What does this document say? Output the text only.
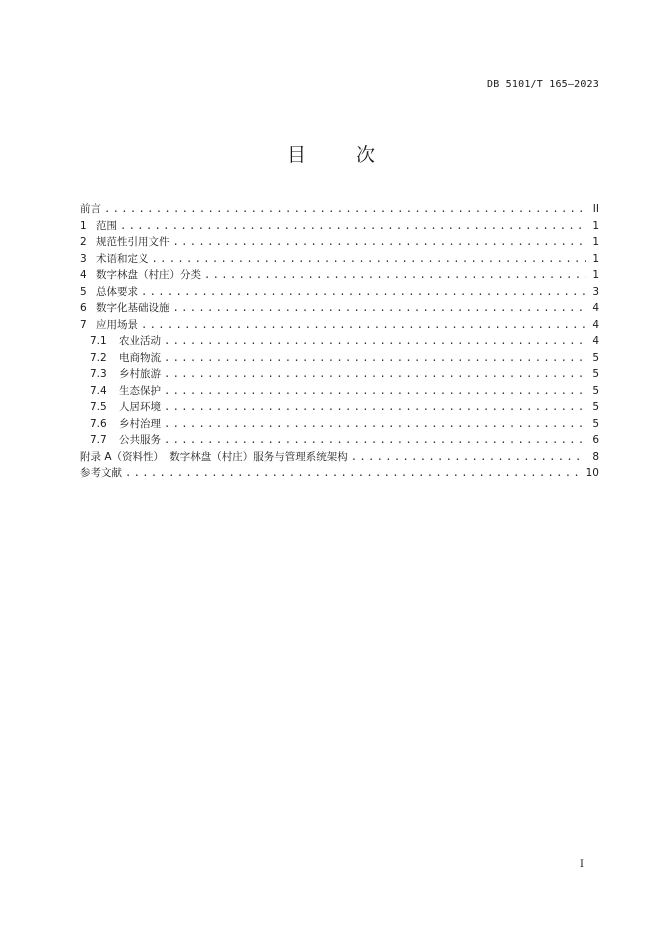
DB 5101/T 165—2023
目 次
前言 .....	II
1 范围 .....	1
2 规范性引用文件 .....	1
3 术语和定义 .....	1
4 数字林盘（村庄）分类 .....	1
5 总体要求 .....	3
6 数字化基础设施 .....	4
7 应用场景 .....	4
7.1	农业活动 .....	4
7.2	电商物流 .....	5
7.3	乡村旅游 .....	5
7.4	生态保护 .....	5
7.5	人居环境 .....	5
7.6	乡村治理 .....	5
7.7	公共服务 .....	6
附录 A（资料性）　数字林盘（村庄）服务与管理系统架构 .....	8
参考文献 .....	10
I
